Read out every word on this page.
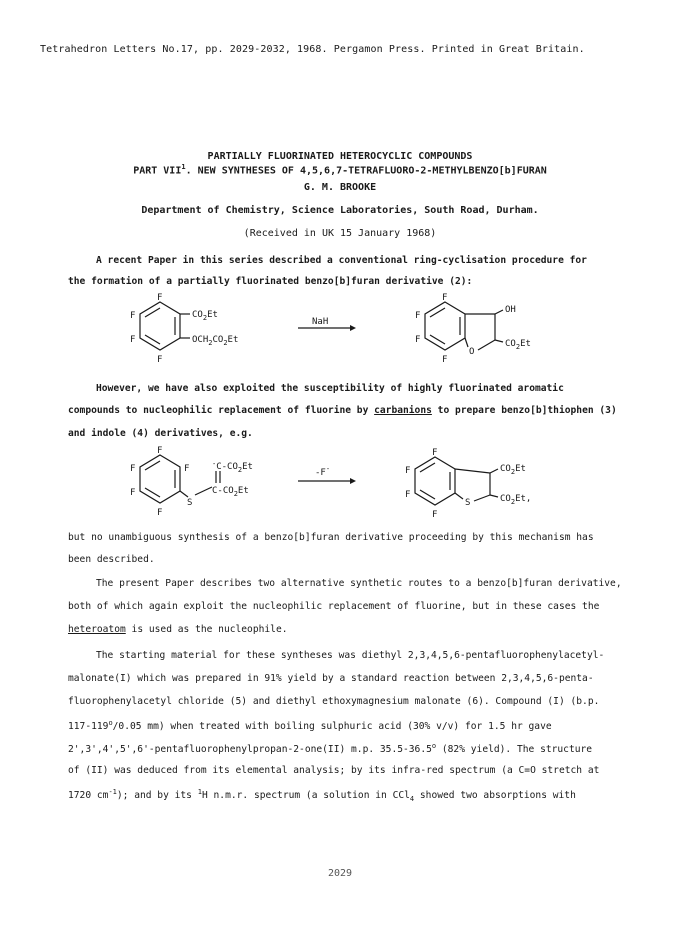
Tetrahedron Letters No.17, pp. 2029-2032, 1968. Pergamon Press. Printed in Great Britain.
PARTIALLY FLUORINATED HETEROCYCLIC COMPOUNDS
PART VII$^1$. NEW SYNTHESES OF 4,5,6,7-TETRAFLUORO-2-METHYLBENZO[b]FURAN
G. M. BROOKE
Department of Chemistry, Science Laboratories, South Road, Durham.
(Received in UK 15 January 1968)
A recent Paper in this series described a conventional ring-cyclisation procedure for
the formation of a partially fluorinated benzo[b]furan derivative (2):
F
F
F
F
$CO_2Et$
$OCH_2CO_2Et$
NaH
F
F
F
F
O
OH
$CO_2Et$
However, we have also exploited the susceptibility of highly fluorinated aromatic
compounds to nucleophilic replacement of fluorine by carbanions to prepare benzo[b]thiophen (3)
and indole (4) derivatives, e.g.
F
F	F
F
F
S
$^-C-CO_2Et$
$C-CO_2Et$
-F-
F
F
F
F
S
$CO_2Et$
$CO_2Et$,
but no unambiguous synthesis of a benzo[b]furan derivative proceeding by this mechanism has
been described.
The present Paper describes two alternative synthetic routes to a benzo[b]furan derivative,
both of which again exploit the nucleophilic replacement of fluorine, but in these cases the
heteroatom is used as the nucleophile.
The starting material for these syntheses was diethyl 2,3,4,5,6-pentafluorophenylacetyl-
malonate(I) which was prepared in 91% yield by a standard reaction between 2,3,4,5,6-penta-
fluorophenylacetyl chloride (5) and diethyl ethoxymagnesium malonate (6). Compound (I) (b.p.
117-119$^o$/0.05 mm) when treated with boiling sulphuric acid (30% v/v) for 1.5 hr gave
2',3',4',5',6'-pentafluorophenylpropan-2-one(II) m.p. 35.5-36.5$^o$ (82% yield). The structure
of (II) was deduced from its elemental analysis; by its infra-red spectrum (a C=O stretch at
1720 $cm^{-1}$); and by its $^1$H n.m.r. spectrum (a solution in CCl$_4$ showed two absorptions with
2029
